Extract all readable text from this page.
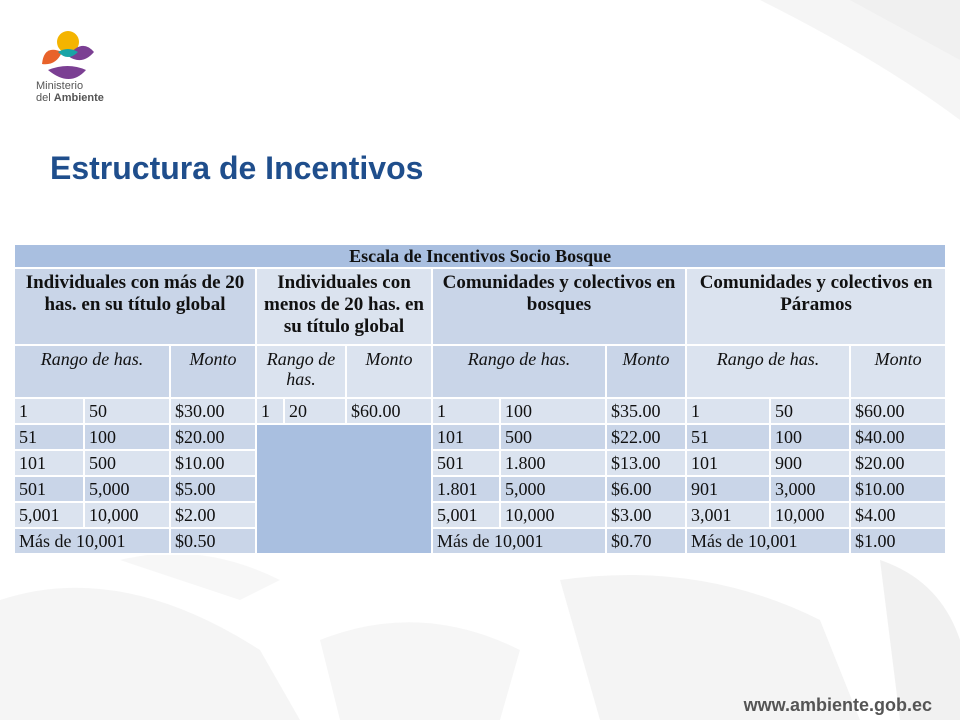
Ministerio
del Ambiente
Estructura de Incentivos
Escala de Incentivos Socio Bosque											
Individuales con más de 20 has. en su título global			Individuales con menos de 20 has. en su título global			Comunidades y colectivos en bosques			Comunidades y colectivos en Páramos		
Rango de has.		Monto	Rango de has.		Monto	Rango de has.		Monto	Rango de has.		Monto
1	50	$30.00	1	20	$60.00	1	100	$35.00	1	50	$60.00
51	100	$20.00				101	500	$22.00	51	100	$40.00
101	500	$10.00				501	1.800	$13.00	101	900	$20.00
501	5,000	$5.00				1.801	5,000	$6.00	901	3,000	$10.00
5,001	10,000	$2.00				5,001	10,000	$3.00	3,001	10,000	$4.00
Más de 10,001		$0.50				Más de 10,001		$0.70	Más de 10,001		$1.00
www.ambiente.gob.ec
